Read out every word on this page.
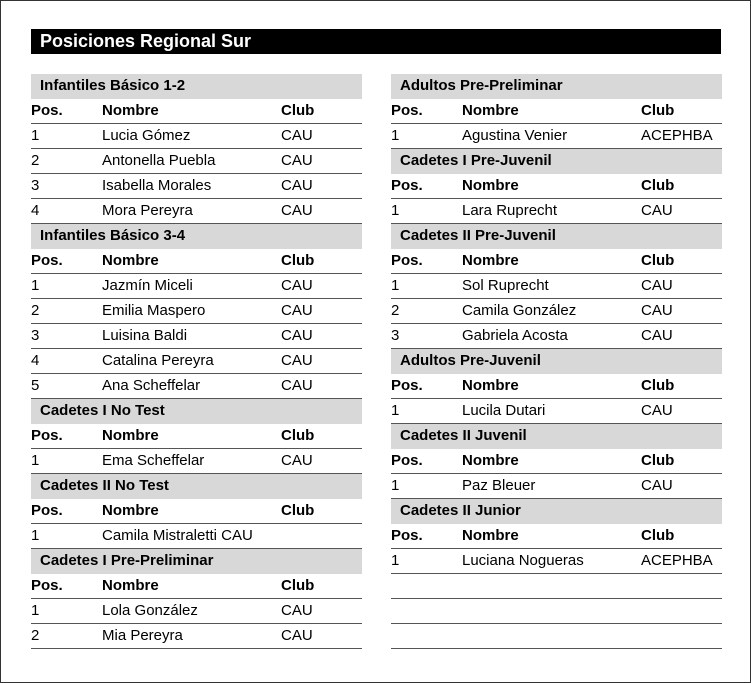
Posiciones Regional Sur
Infantiles Básico 1-2
Pos.	Nombre	Club
1	Lucia Gómez	CAU
2	Antonella Puebla	CAU
3	Isabella Morales	CAU
4	Mora Pereyra	CAU
Infantiles Básico 3-4
Pos.	Nombre	Club
1	Jazmín Miceli	CAU
2	Emilia Maspero	CAU
3	Luisina Baldi	CAU
4	Catalina Pereyra	CAU
5	Ana Scheffelar	CAU
Cadetes I No Test
Pos.	Nombre	Club
1	Ema Scheffelar	CAU
Cadetes II No Test
Pos.	Nombre	Club
1	Camila Mistraletti CAU
Cadetes I Pre-Preliminar
Pos.	Nombre	Club
1	Lola González	CAU
2	Mia Pereyra	CAU
Adultos Pre-Preliminar
Pos.	Nombre	Club
1	Agustina Venier	ACEPHBA
Cadetes I Pre-Juvenil
Pos.	Nombre	Club
1	Lara Ruprecht	CAU
Cadetes II Pre-Juvenil
Pos.	Nombre	Club
1	Sol Ruprecht	CAU
2	Camila González	CAU
3	Gabriela Acosta	CAU
Adultos Pre-Juvenil
Pos.	Nombre	Club
1	Lucila Dutari	CAU
Cadetes II Juvenil
Pos.	Nombre	Club
1	Paz Bleuer	CAU
Cadetes II Junior
Pos.	Nombre	Club
1	Luciana Nogueras	ACEPHBA
